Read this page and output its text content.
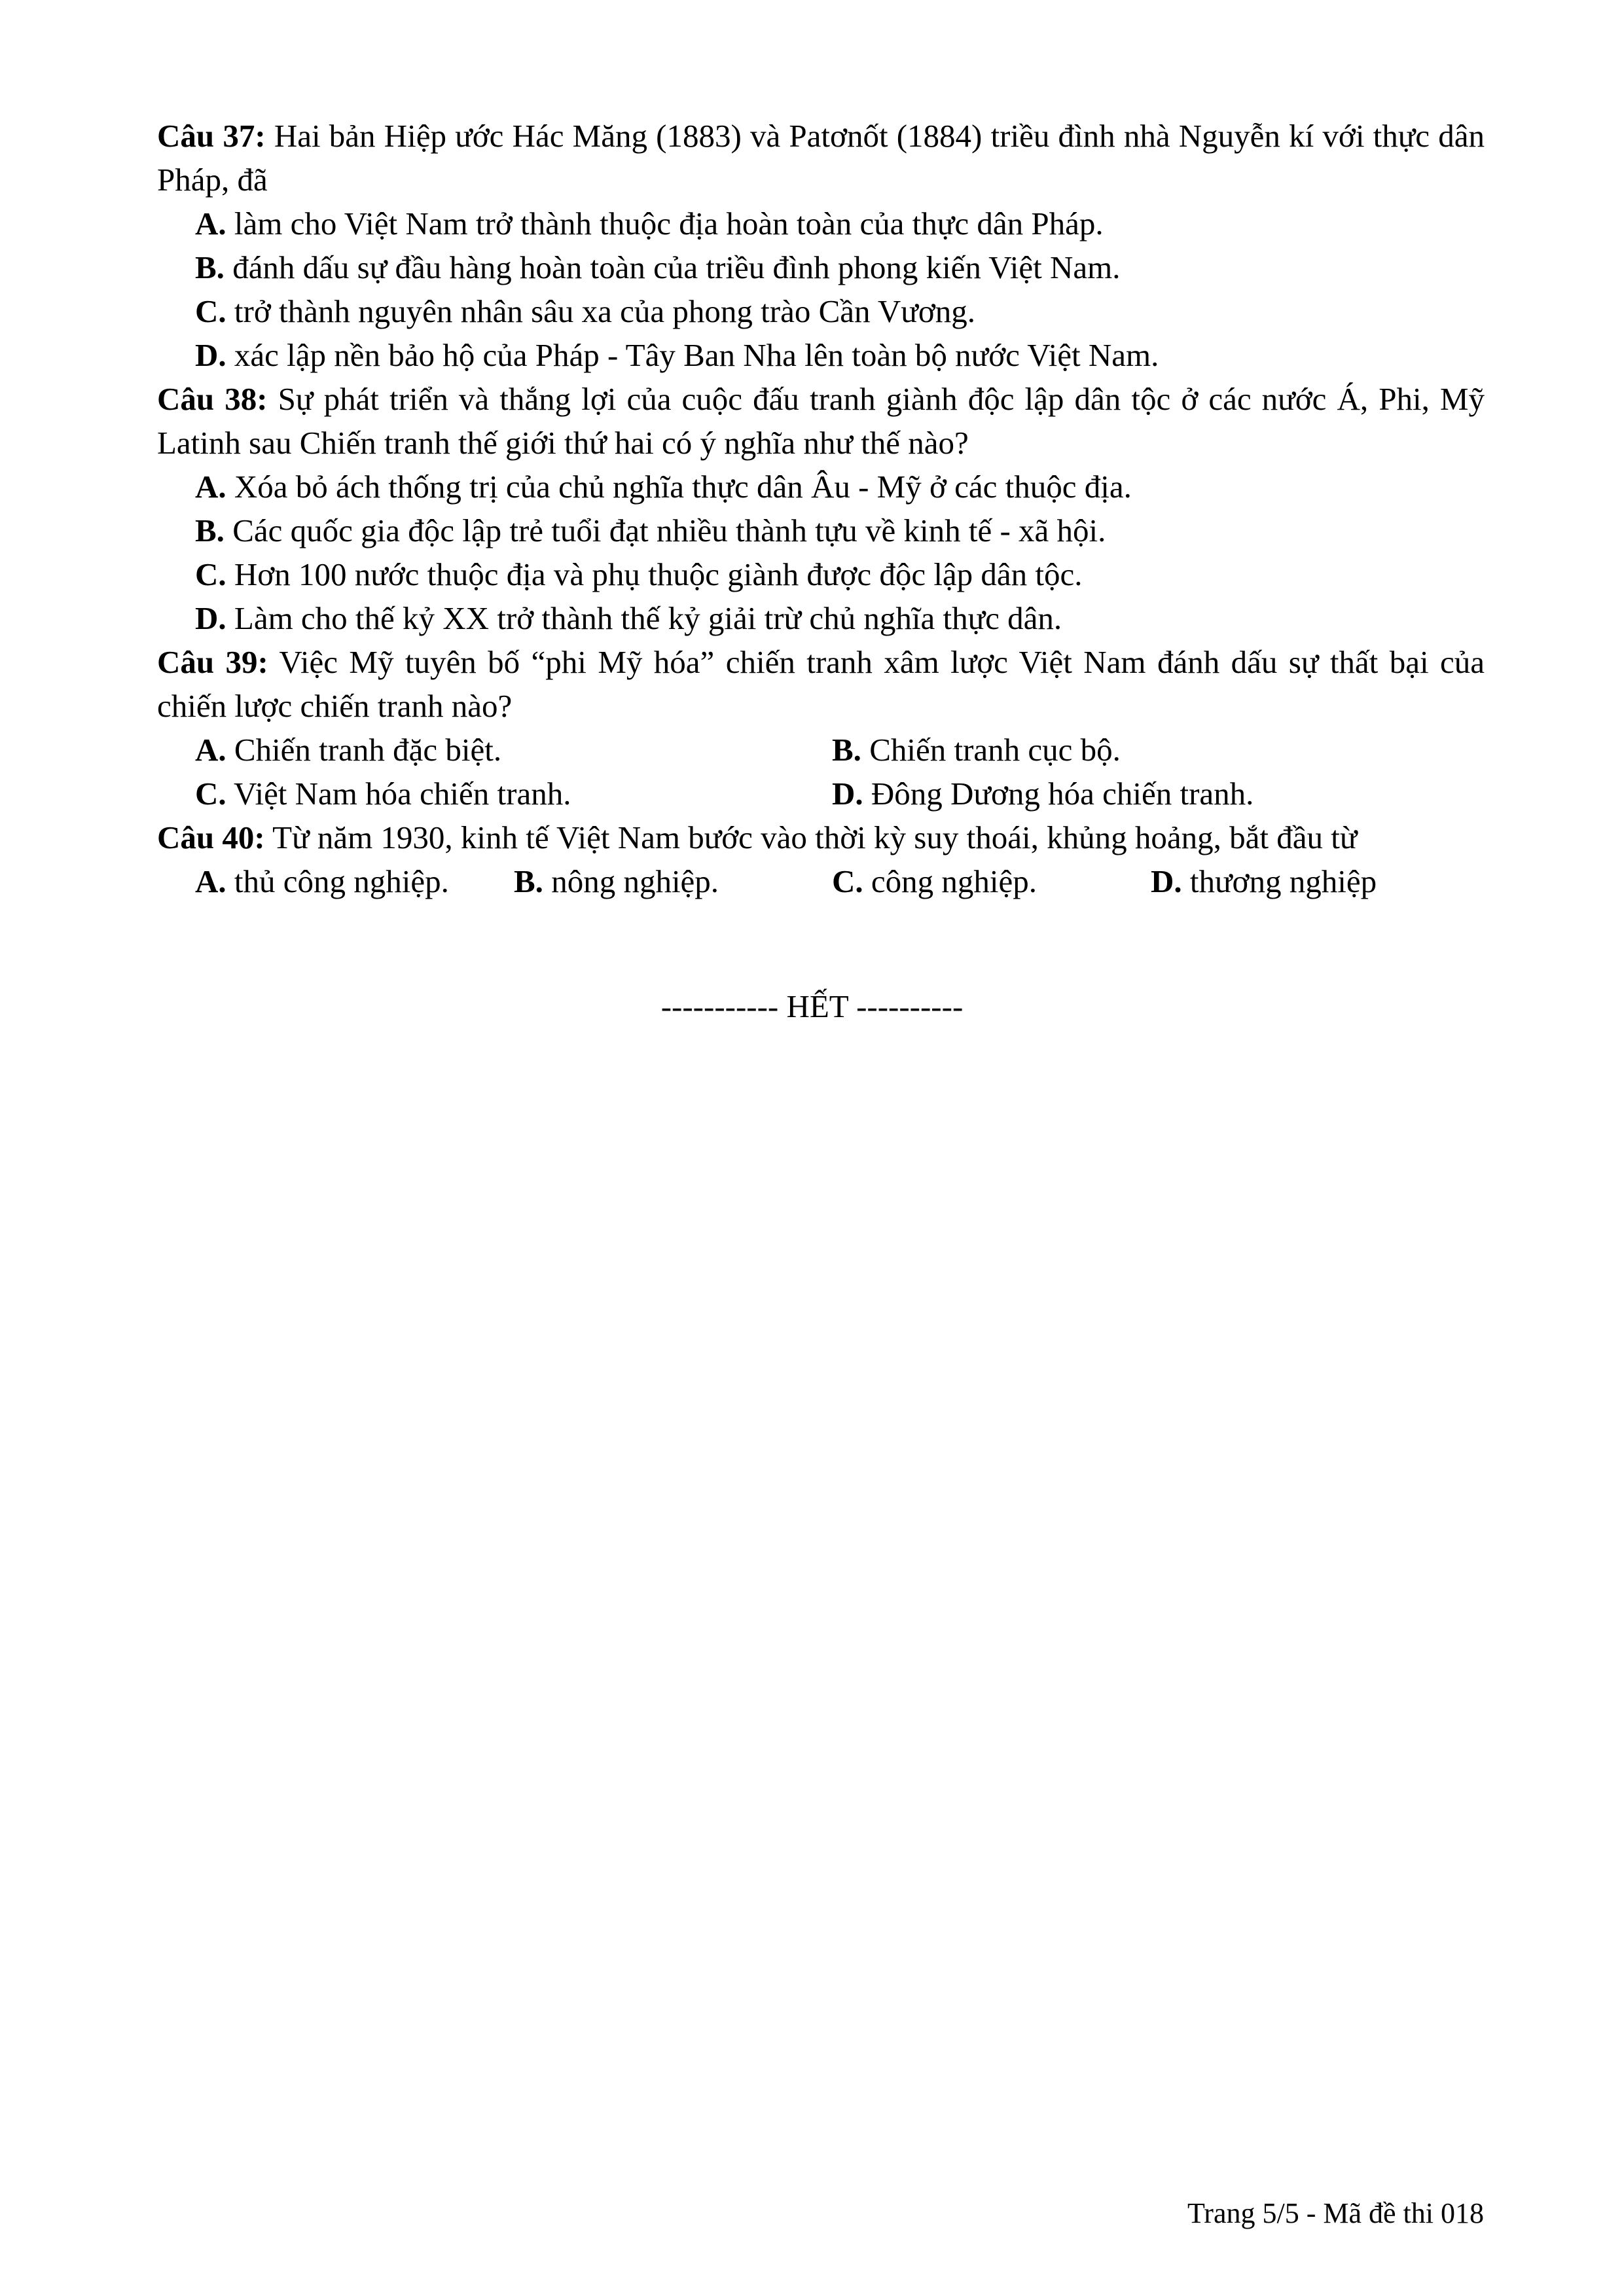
Câu 37: Hai bản Hiệp ước Hác Măng (1883) và Patơnốt (1884) triều đình nhà Nguyễn kí với thực dân Pháp, đã
A. làm cho Việt Nam trở thành thuộc địa hoàn toàn của thực dân Pháp.
B. đánh dấu sự đầu hàng hoàn toàn của triều đình phong kiến Việt Nam.
C. trở thành nguyên nhân sâu xa của phong trào Cần Vương.
D. xác lập nền bảo hộ của Pháp - Tây Ban Nha lên toàn bộ nước Việt Nam.
Câu 38: Sự phát triển và thắng lợi của cuộc đấu tranh giành độc lập dân tộc ở các nước Á, Phi, Mỹ Latinh sau Chiến tranh thế giới thứ hai có ý nghĩa như thế nào?
A. Xóa bỏ ách thống trị của chủ nghĩa thực dân Âu - Mỹ ở các thuộc địa.
B. Các quốc gia độc lập trẻ tuổi đạt nhiều thành tựu về kinh tế - xã hội.
C. Hơn 100 nước thuộc địa và phụ thuộc giành được độc lập dân tộc.
D. Làm cho thế kỷ XX trở thành thế kỷ giải trừ chủ nghĩa thực dân.
Câu 39: Việc Mỹ tuyên bố “phi Mỹ hóa” chiến tranh xâm lược Việt Nam đánh dấu sự thất bại của chiến lược chiến tranh nào?
A. Chiến tranh đặc biệt.	B. Chiến tranh cục bộ.
C. Việt Nam hóa chiến tranh.	D. Đông Dương hóa chiến tranh.
Câu 40: Từ năm 1930, kinh tế Việt Nam bước vào thời kỳ suy thoái, khủng hoảng, bắt đầu từ
A. thủ công nghiệp.	B. nông nghiệp.	C. công nghiệp.	D. thương nghiệp
----------- HẾT ----------
Trang 5/5 - Mã đề thi 018
